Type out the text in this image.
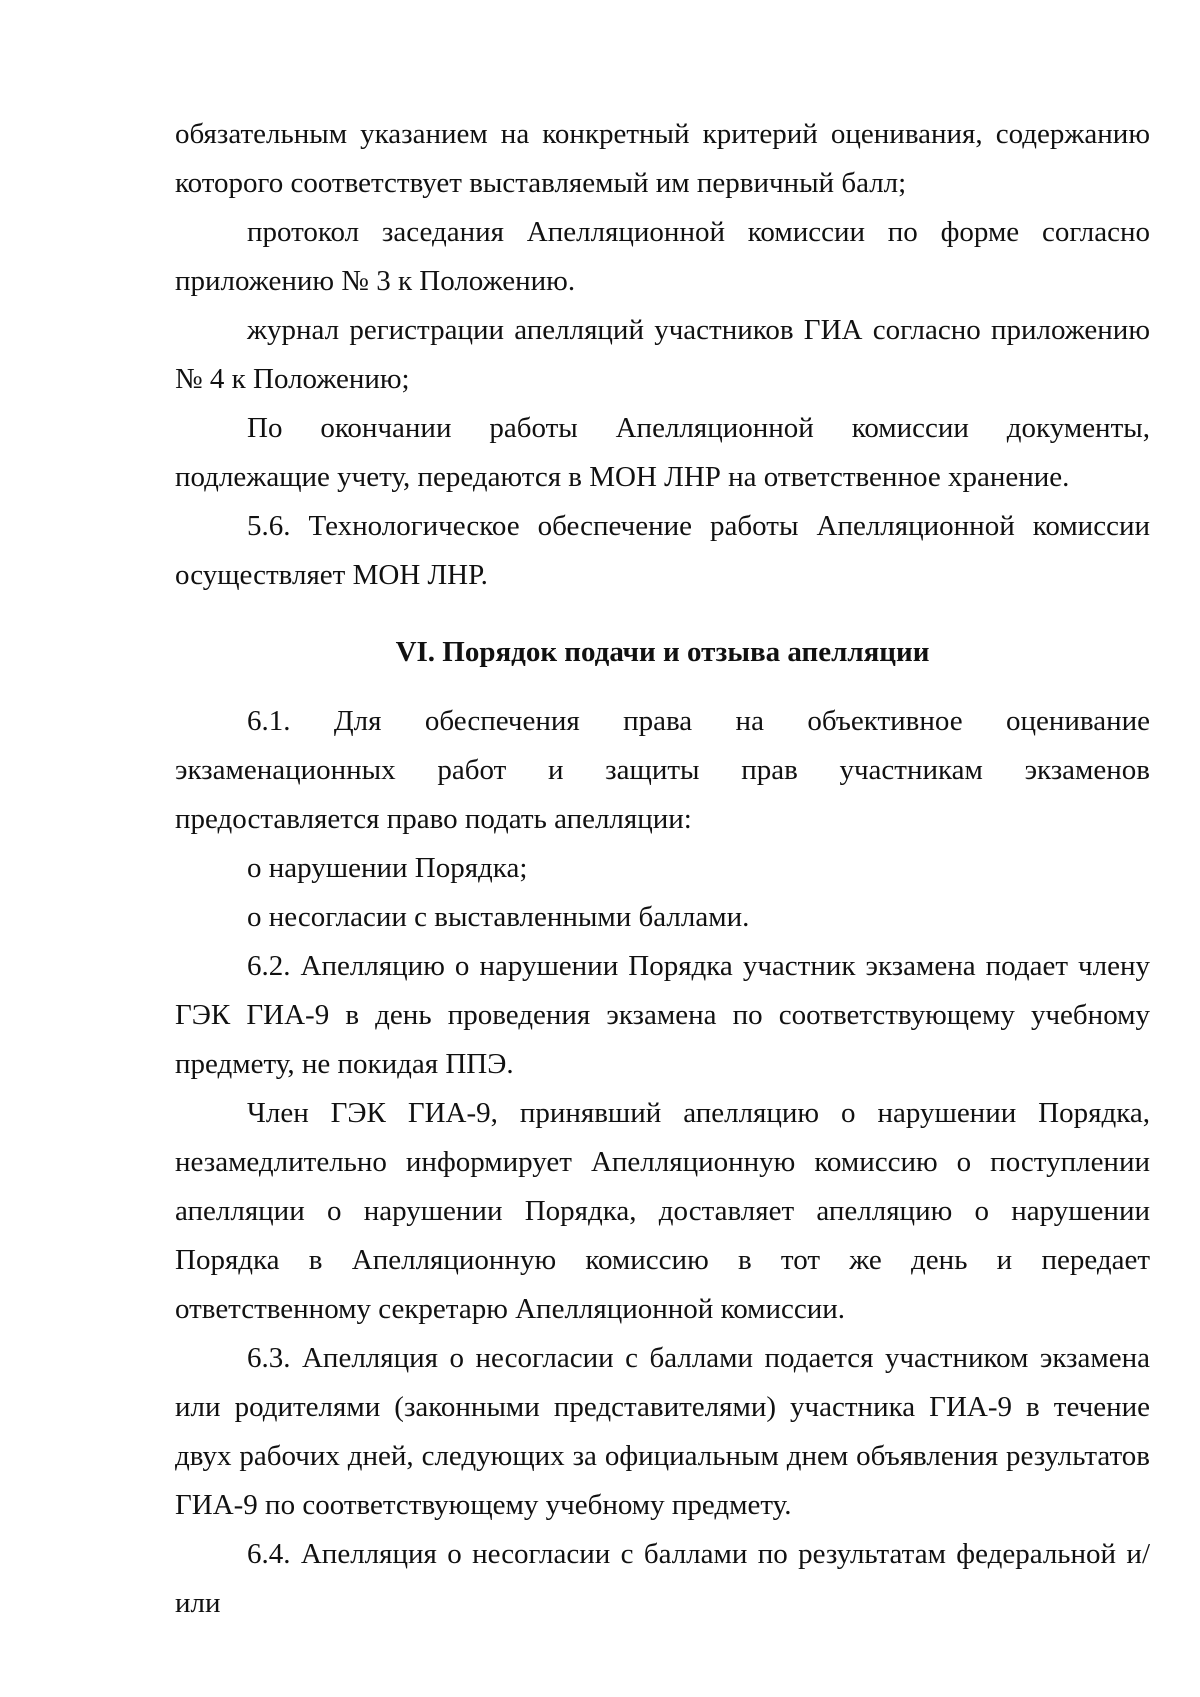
обязательным указанием на конкретный критерий оценивания, содержанию которого соответствует выставляемый им первичный балл;

протокол заседания Апелляционной комиссии по форме согласно приложению № 3 к Положению.

журнал регистрации апелляций участников ГИА согласно приложению № 4 к Положению;

По окончании работы Апелляционной комиссии документы, подлежащие учету, передаются в МОН ЛНР на ответственное хранение.

5.6. Технологическое обеспечение работы Апелляционной комиссии осуществляет МОН ЛНР.

VI. Порядок подачи и отзыва апелляции

6.1. Для обеспечения права на объективное оценивание экзаменационных работ и защиты прав участникам экзаменов предоставляется право подать апелляции:

о нарушении Порядка;

о несогласии с выставленными баллами.

6.2. Апелляцию о нарушении Порядка участник экзамена подает члену ГЭК ГИА-9 в день проведения экзамена по соответствующему учебному предмету, не покидая ППЭ.

Член ГЭК ГИА-9, принявший апелляцию о нарушении Порядка, незамедлительно информирует Апелляционную комиссию о поступлении апелляции о нарушении Порядка, доставляет апелляцию о нарушении Порядка в Апелляционную комиссию в тот же день и передает ответственному секретарю Апелляционной комиссии.

6.3. Апелляция о несогласии с баллами подается участником экзамена или родителями (законными представителями) участника ГИА-9 в течение двух рабочих дней, следующих за официальным днем объявления результатов ГИА-9 по соответствующему учебному предмету.

6.4. Апелляция о несогласии с баллами по результатам федеральной и/или
